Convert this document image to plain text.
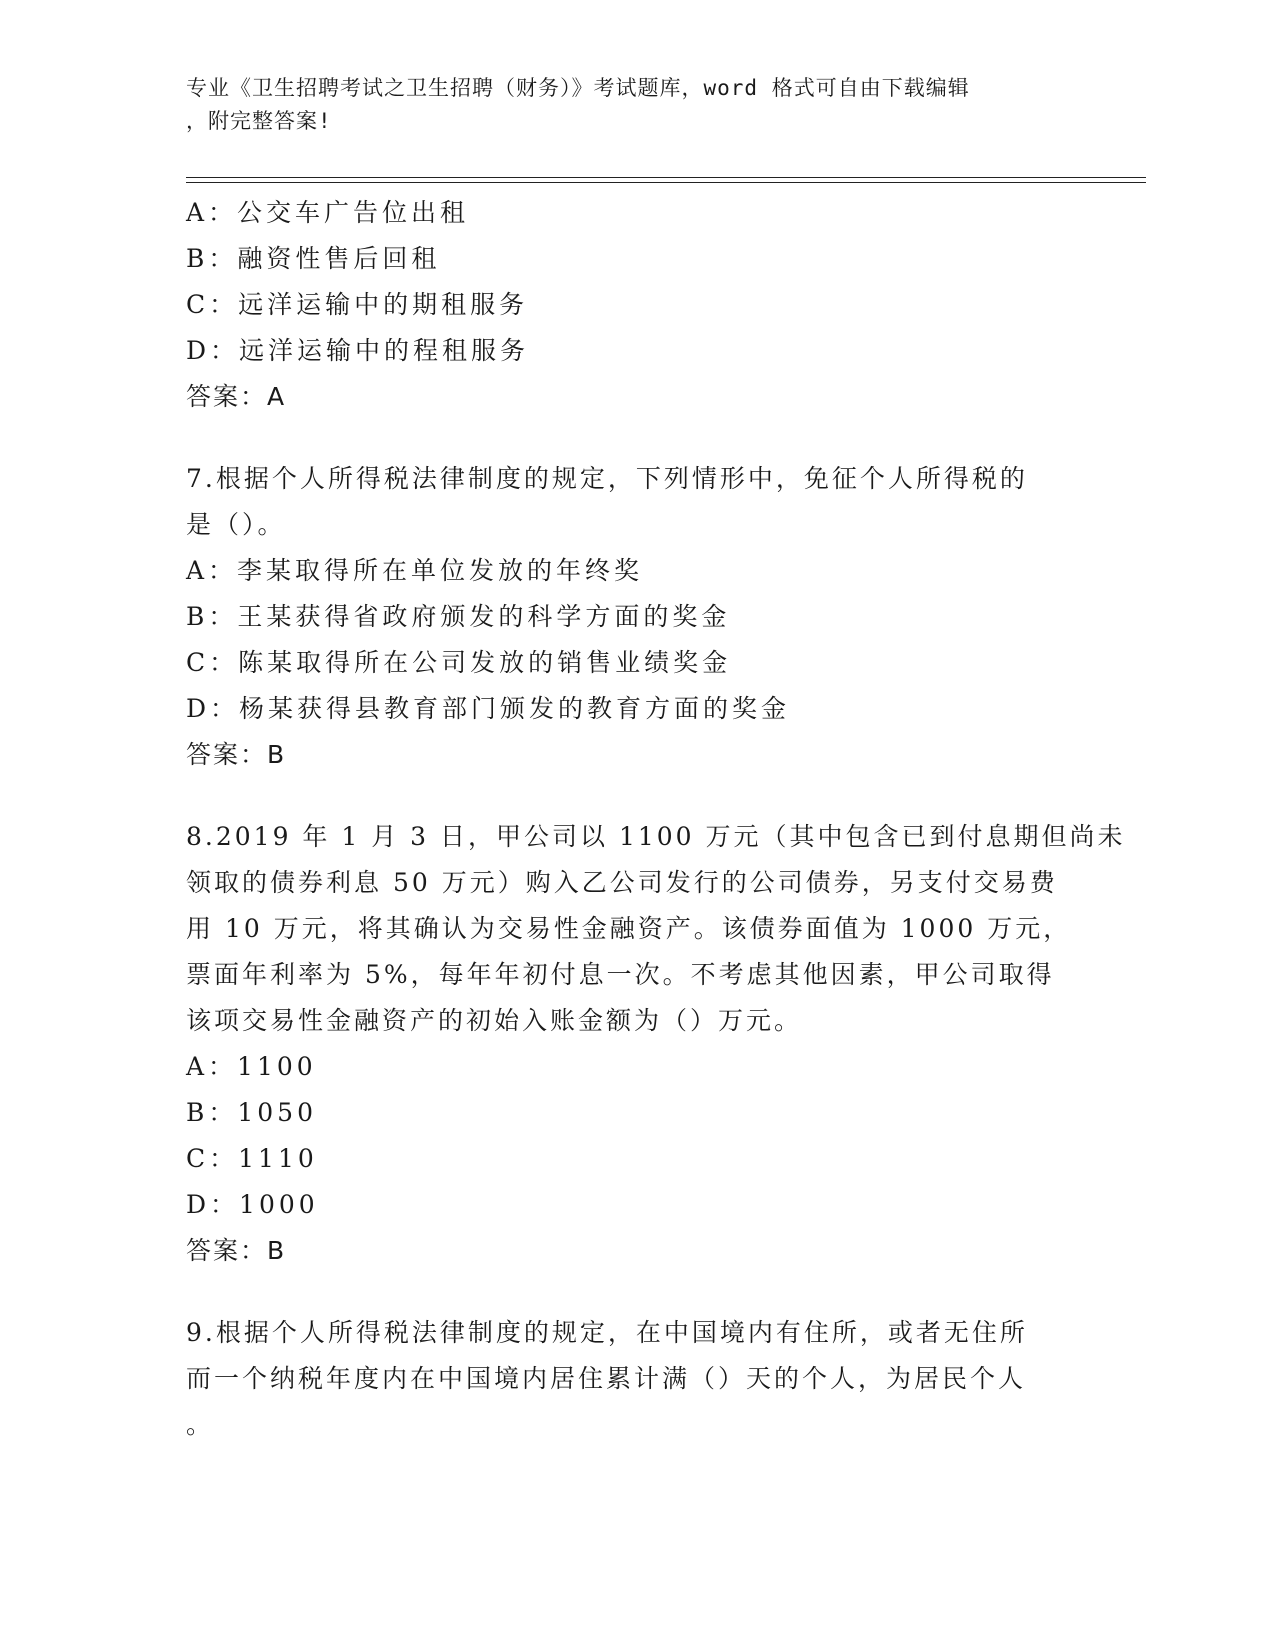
专业《卫生招聘考试之卫生招聘（财务）》考试题库，word 格式可自由下载编辑
，附完整答案!
A：公交车广告位出租
B：融资性售后回租
C：远洋运输中的期租服务
D：远洋运输中的程租服务
答案：A
7.根据个人所得税法律制度的规定，下列情形中，免征个人所得税的
是（）。
A：李某取得所在单位发放的年终奖
B：王某获得省政府颁发的科学方面的奖金
C：陈某取得所在公司发放的销售业绩奖金
D：杨某获得县教育部门颁发的教育方面的奖金
答案：B
8.2019 年 1 月 3 日，甲公司以 1100 万元（其中包含已到付息期但尚未
领取的债券利息 50 万元）购入乙公司发行的公司债券，另支付交易费
用 10 万元，将其确认为交易性金融资产。该债券面值为 1000 万元，
票面年利率为 5%，每年年初付息一次。不考虑其他因素，甲公司取得
该项交易性金融资产的初始入账金额为（）万元。
A：1100
B：1050
C：1110
D：1000
答案：B
9.根据个人所得税法律制度的规定，在中国境内有住所，或者无住所
而一个纳税年度内在中国境内居住累计满（）天的个人，为居民个人
。
